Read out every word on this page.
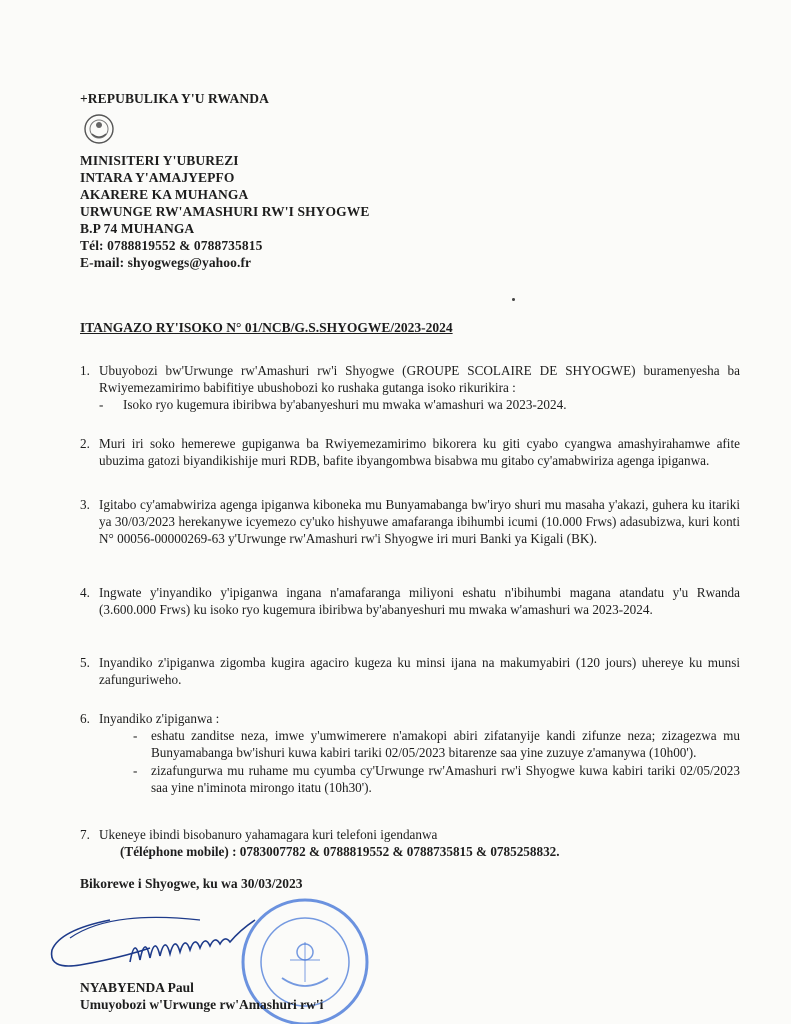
+REPUBULIKA Y'U RWANDA
MINISITERI Y'UBUREZI
INTARA Y'AMAJYEPFO
AKARERE KA MUHANGA
URWUNGE RW'AMASHURI RW'I SHYOGWE
B.P 74 MUHANGA
Tél: 0788819552 & 0788735815
E-mail: shyogwegs@yahoo.fr
ITANGAZO RY'ISOKO N° 01/NCB/G.S.SHYOGWE/2023-2024
1. Ubuyobozi bw'Urwunge rw'Amashuri rw'i Shyogwe (GROUPE SCOLAIRE DE SHYOGWE) buramenyesha ba Rwiyemezamirimo babifitiye ubushobozi ko rushaka gutanga isoko rikurikira :
- Isoko ryo kugemura ibiribwa by'abanyeshuri mu mwaka w'amashuri wa 2023-2024.
2. Muri iri soko hemerewe gupiganwa ba Rwiyemezamirimo bikorera ku giti cyabo cyangwa amashyirahamwe afite ubuzima gatozi biyandikishije muri RDB, bafite ibyangombwa bisabwa mu gitabo cy'amabwiriza agenga ipiganwa.
3. Igitabo cy'amabwiriza agenga ipiganwa kiboneka mu Bunyamabanga bw'iryo shuri mu masaha y'akazi, guhera ku itariki ya 30/03/2023 herekanywe icyemezo cy'uko hishyuwe amafaranga ibihumbi icumi (10.000 Frws) adasubizwa, kuri konti N° 00056-00000269-63 y'Urwunge rw'Amashuri rw'i Shyogwe iri muri Banki ya Kigali (BK).
4. Ingwate y'inyandiko y'ipiganwa ingana n'amafaranga miliyoni eshatu n'ibihumbi magana atandatu y'u Rwanda (3.600.000 Frws) ku isoko ryo kugemura ibiribwa by'abanyeshuri mu mwaka w'amashuri wa 2023-2024.
5. Inyandiko z'ipiganwa zigomba kugira agaciro kugeza ku minsi ijana na makumyabiri (120 jours) uhereye ku munsi zafunguriweho.
6. Inyandiko z'ipiganwa :
- eshatu zanditse neza, imwe y'umwimerere n'amakopi abiri zifatanyije kandi zifunze neza; zizagezwa mu Bunyamabanga bw'ishuri kuwa kabiri tariki 02/05/2023 bitarenze saa yine zuzuye z'amanywa (10h00').
- zizafungurwa mu ruhame mu cyumba cy'Urwunge rw'Amashuri rw'i Shyogwe kuwa kabiri tariki 02/05/2023 saa yine n'iminota mirongo itatu (10h30').
7. Ukeneye ibindi bisobanuro yahamagara kuri telefoni igendanwa
(Téléphone mobile) : 0783007782 & 0788819552 & 0788735815 & 0785258832.
Bikorewe i Shyogwe, ku wa 30/03/2023
NYABYENDA Paul
Umuyobozi w'Urwunge rw'Amashuri rw'i
